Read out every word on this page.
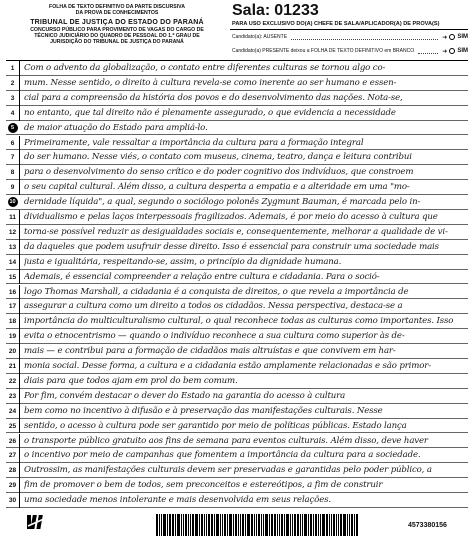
FOLHA DE TEXTO DEFINITIVO DA PARTE DISCURSIVA
DA PROVA DE CONHECIMENTOS
TRIBUNAL DE JUSTIÇA DO ESTADO DO PARANÁ
CONCURSO PÚBLICO PARA PROVIMENTO DE VAGAS DO CARGO DE
TÉCNICO JUDICIÁRIO DO QUADRO DE PESSOAL DO 1.º GRAU DE
JURISDIÇÃO DO TRIBUNAL DE JUSTIÇA DO PARANÁ
Sala: 01233
PARA USO EXCLUSIVO DO(A) CHEFE DE SALA/APLICADOR(A) DE PROVA(S)
Candidato(a): AUSENTE	➜ SIM
Candidato(a) PRESENTE deixou a FOLHA DE TEXTO DEFINITIVO em BRANCO	➜ SIM
1	Com o advento da globalização, o contato entre diferentes culturas se tornou algo co-
2	mum. Nesse sentido, o direito à cultura revela-se como inerente ao ser humano e essen-
3	cial para a compreensão da história dos povos e do desenvolvimento das nações. Nota-se,
4	no entanto, que tal direito não é plenamente assegurado, o que evidencia a necessidade
5	de maior atuação do Estado para ampliá-lo.
6	Primeiramente, vale ressaltar a importância da cultura para a formação integral
7	do ser humano. Nesse viés, o contato com museus, cinema, teatro, dança e leitura contribui
8	para o desenvolvimento do senso crítico e do poder cognitivo dos indivíduos, que constroem
9	o seu capital cultural. Além disso, a cultura desperta a empatia e a alteridade em uma "mo-
10 dernidade líquida", a qual, segundo o sociólogo polonês Zygmunt Bauman, é marcada pelo in-
11 dividualismo e pelas laços interpessoais fragilizados. Ademais, é por meio do acesso à cultura que
12 torna-se possível reduzir as desigualdades sociais e, consequentemente, melhorar a qualidade de vi-
13 da daqueles que podem usufruir desse direito. Isso é essencial para construir uma sociedade mais
14 justa e igualitária, respeitando-se, assim, o princípio da dignidade humana.
15 Ademais, é essencial compreender a relação entre cultura e cidadania. Para o soció-
16 logo Thomas Marshall, a cidadania é a conquista de direitos, o que revela a importância de
17 assegurar a cultura como um direito a todos os cidadãos. Nessa perspectiva, destaca-se a
18 importância do multiculturalismo cultural, o qual reconhece todas as culturas como importantes. Isso
19 evita o etnocentrismo — quando o indivíduo reconhece a sua cultura como superior às de-
20 mais — e contribui para a formação de cidadãos mais altruístas e que convivem em har-
21 monia social. Desse forma, a cultura e a cidadania estão amplamente relacionadas e são primor-
22 diais para que todos ajam em prol do bem comum.
23 Por fim, convém destacar o dever do Estado na garantia do acesso à cultura
24 bem como no incentivo à difusão e à preservação das manifestações culturais. Nesse
25 sentido, o acesso à cultura pode ser garantido por meio de políticas públicas. Estado lança
26 o transporte público gratuito aos fins de semana para eventos culturais. Além disso, deve haver
27 o incentivo por meio de campanhas que fomentem a importância da cultura para a sociedade.
28 Outrossim, as manifestações culturais devem ser preservadas e garantidas pelo poder público, a
29 fim de promover o bem de todos, sem preconceitos e estereótipos, a fim de construir
30 uma sociedade menos intolerante e mais desenvolvida em seus relações.
4573380156
